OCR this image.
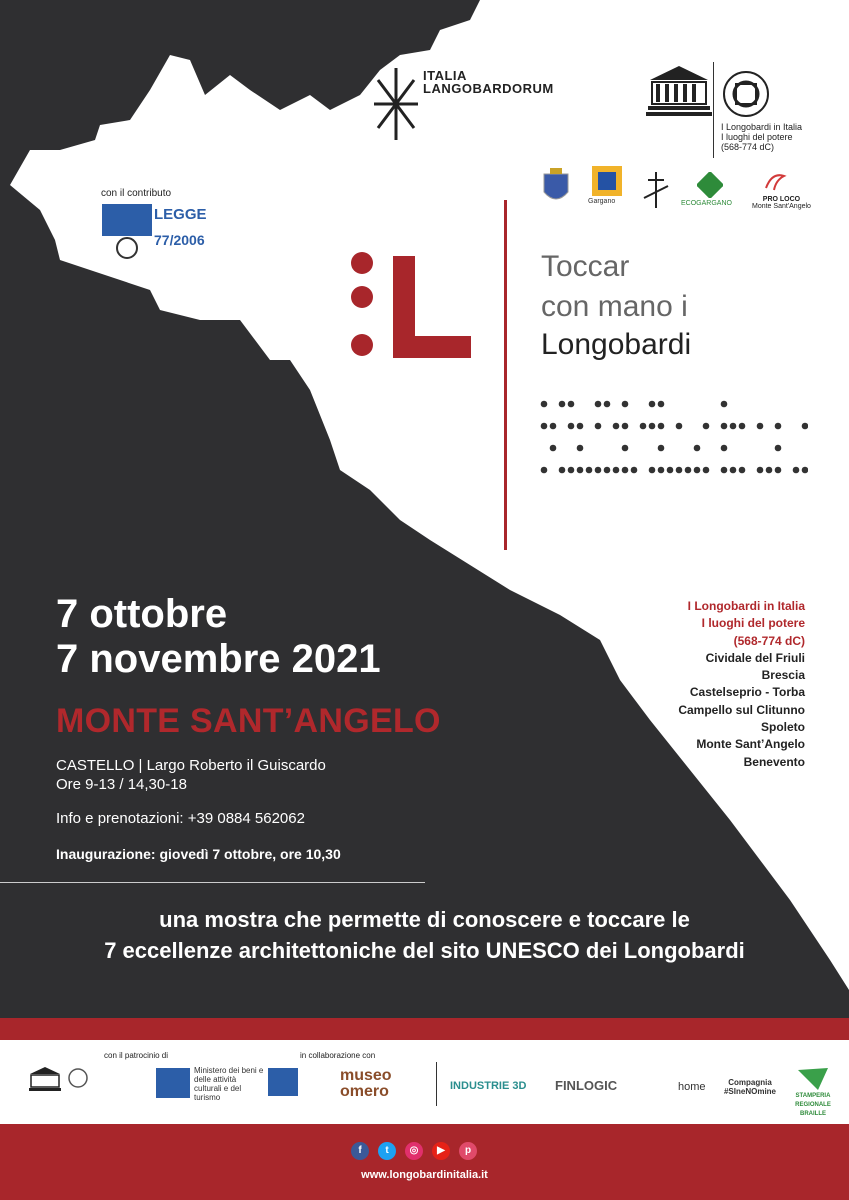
ITALIA
LANGOBARDORUM
I Longobardi in Italia
I luoghi del potere
(568-774 dC)
Gargano	ECOGARGANO
PRO LOCO
Monte Sant'Angelo
con il contributo
LEGGE
77/2006
Toccar
con mano i
Longobardi
7 ottobre
7 novembre 2021
MONTE SANT’ANGELO
CASTELLO | Largo Roberto il Guiscardo
Ore 9-13 / 14,30-18
Info e prenotazioni: +39 0884 562062
Inaugurazione: giovedì 7 ottobre, ore 10,30
I Longobardi in Italia
I luoghi del potere
(568-774 dC)
Cividale del Friuli
Brescia
Castelseprio - Torba
Campello sul Clitunno
Spoleto
Monte Sant’Angelo
Benevento
una mostra che permette di conoscere e toccare le
7 eccellenze architettoniche del sito UNESCO dei Longobardi
con il patrocinio di	in collaborazione con
Ministero dei beni e delle attività culturali e del turismo
museo omero	INDUSTRIE 3D FINLOGIC	home	Compagnia #SIneNOmine	STAMPERIA REGIONALE BRAILLE
f	t	◎	▶	p
www.longobardinitalia.it
